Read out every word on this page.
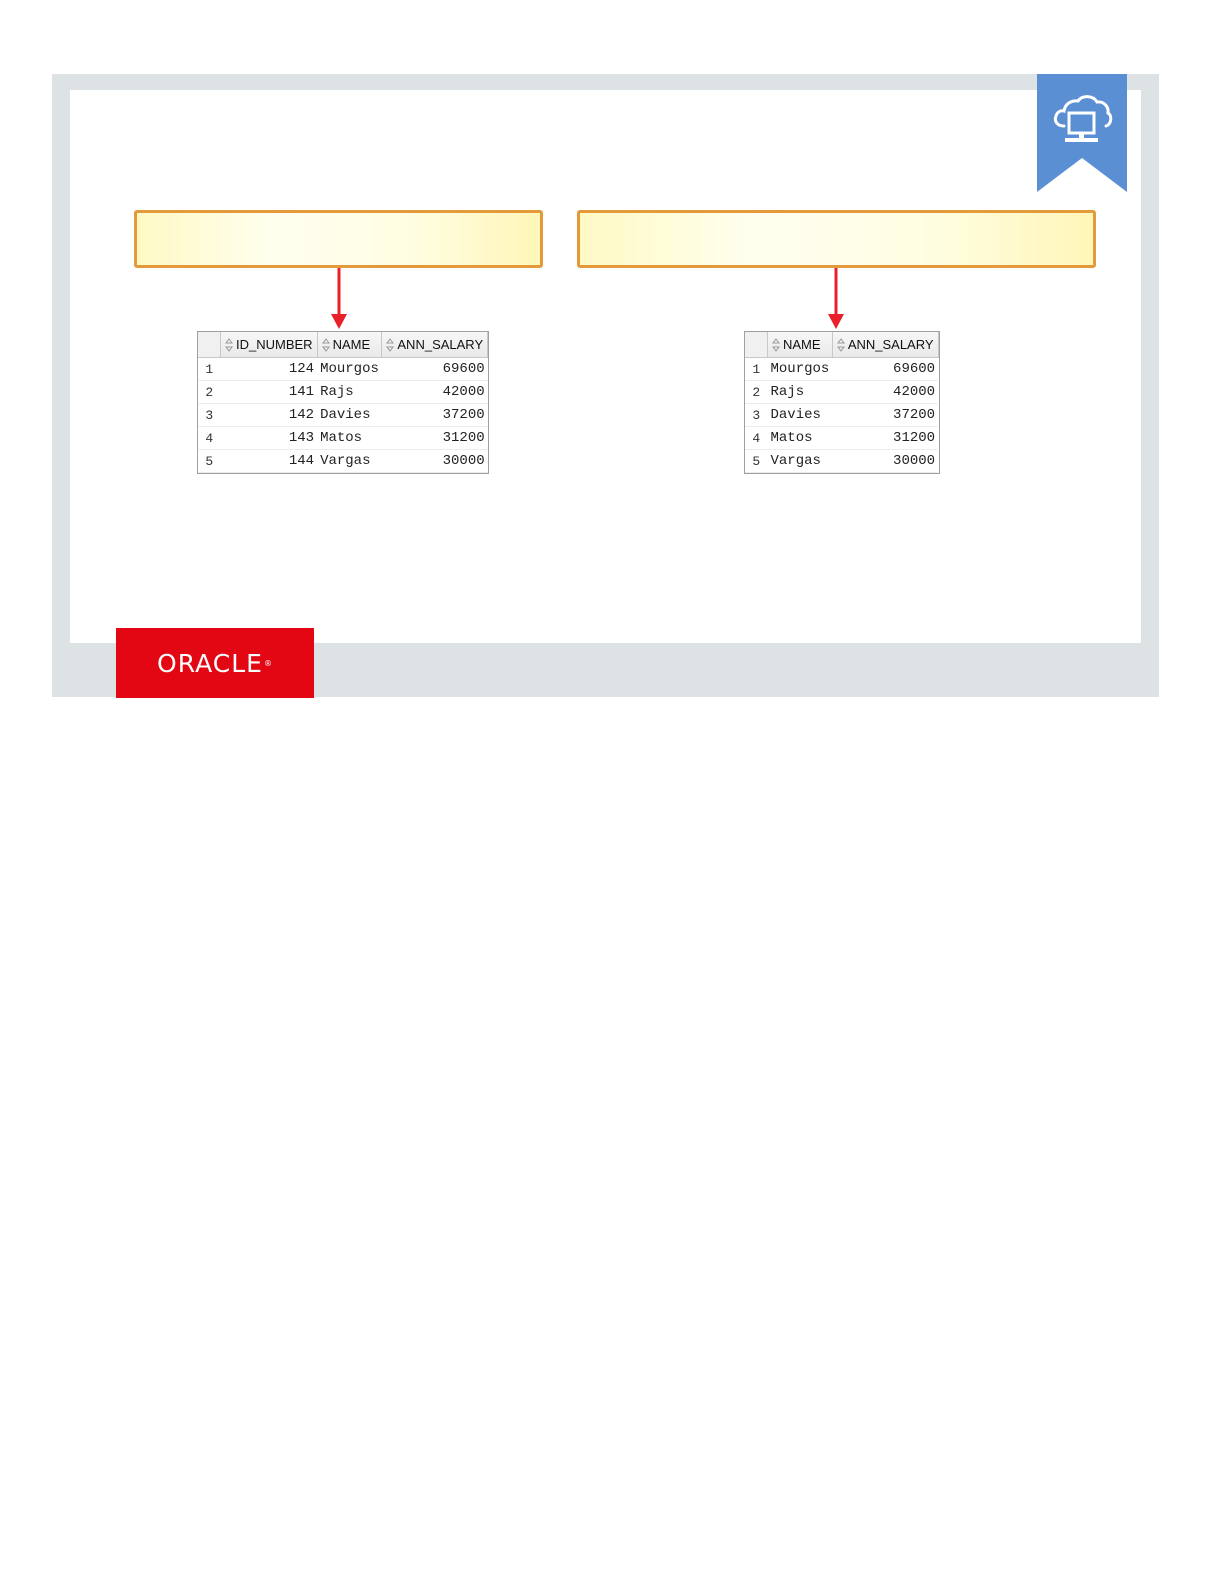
	ID_NUMBER	NAME	ANN_SALARY
1	124	Mourgos	69600
2	141	Rajs	42000
3	142	Davies	37200
4	143	Matos	31200
5	144	Vargas	30000
	NAME	ANN_SALARY
1	Mourgos	69600
2	Rajs	42000
3	Davies	37200
4	Matos	31200
5	Vargas	30000
ORACLE ®
